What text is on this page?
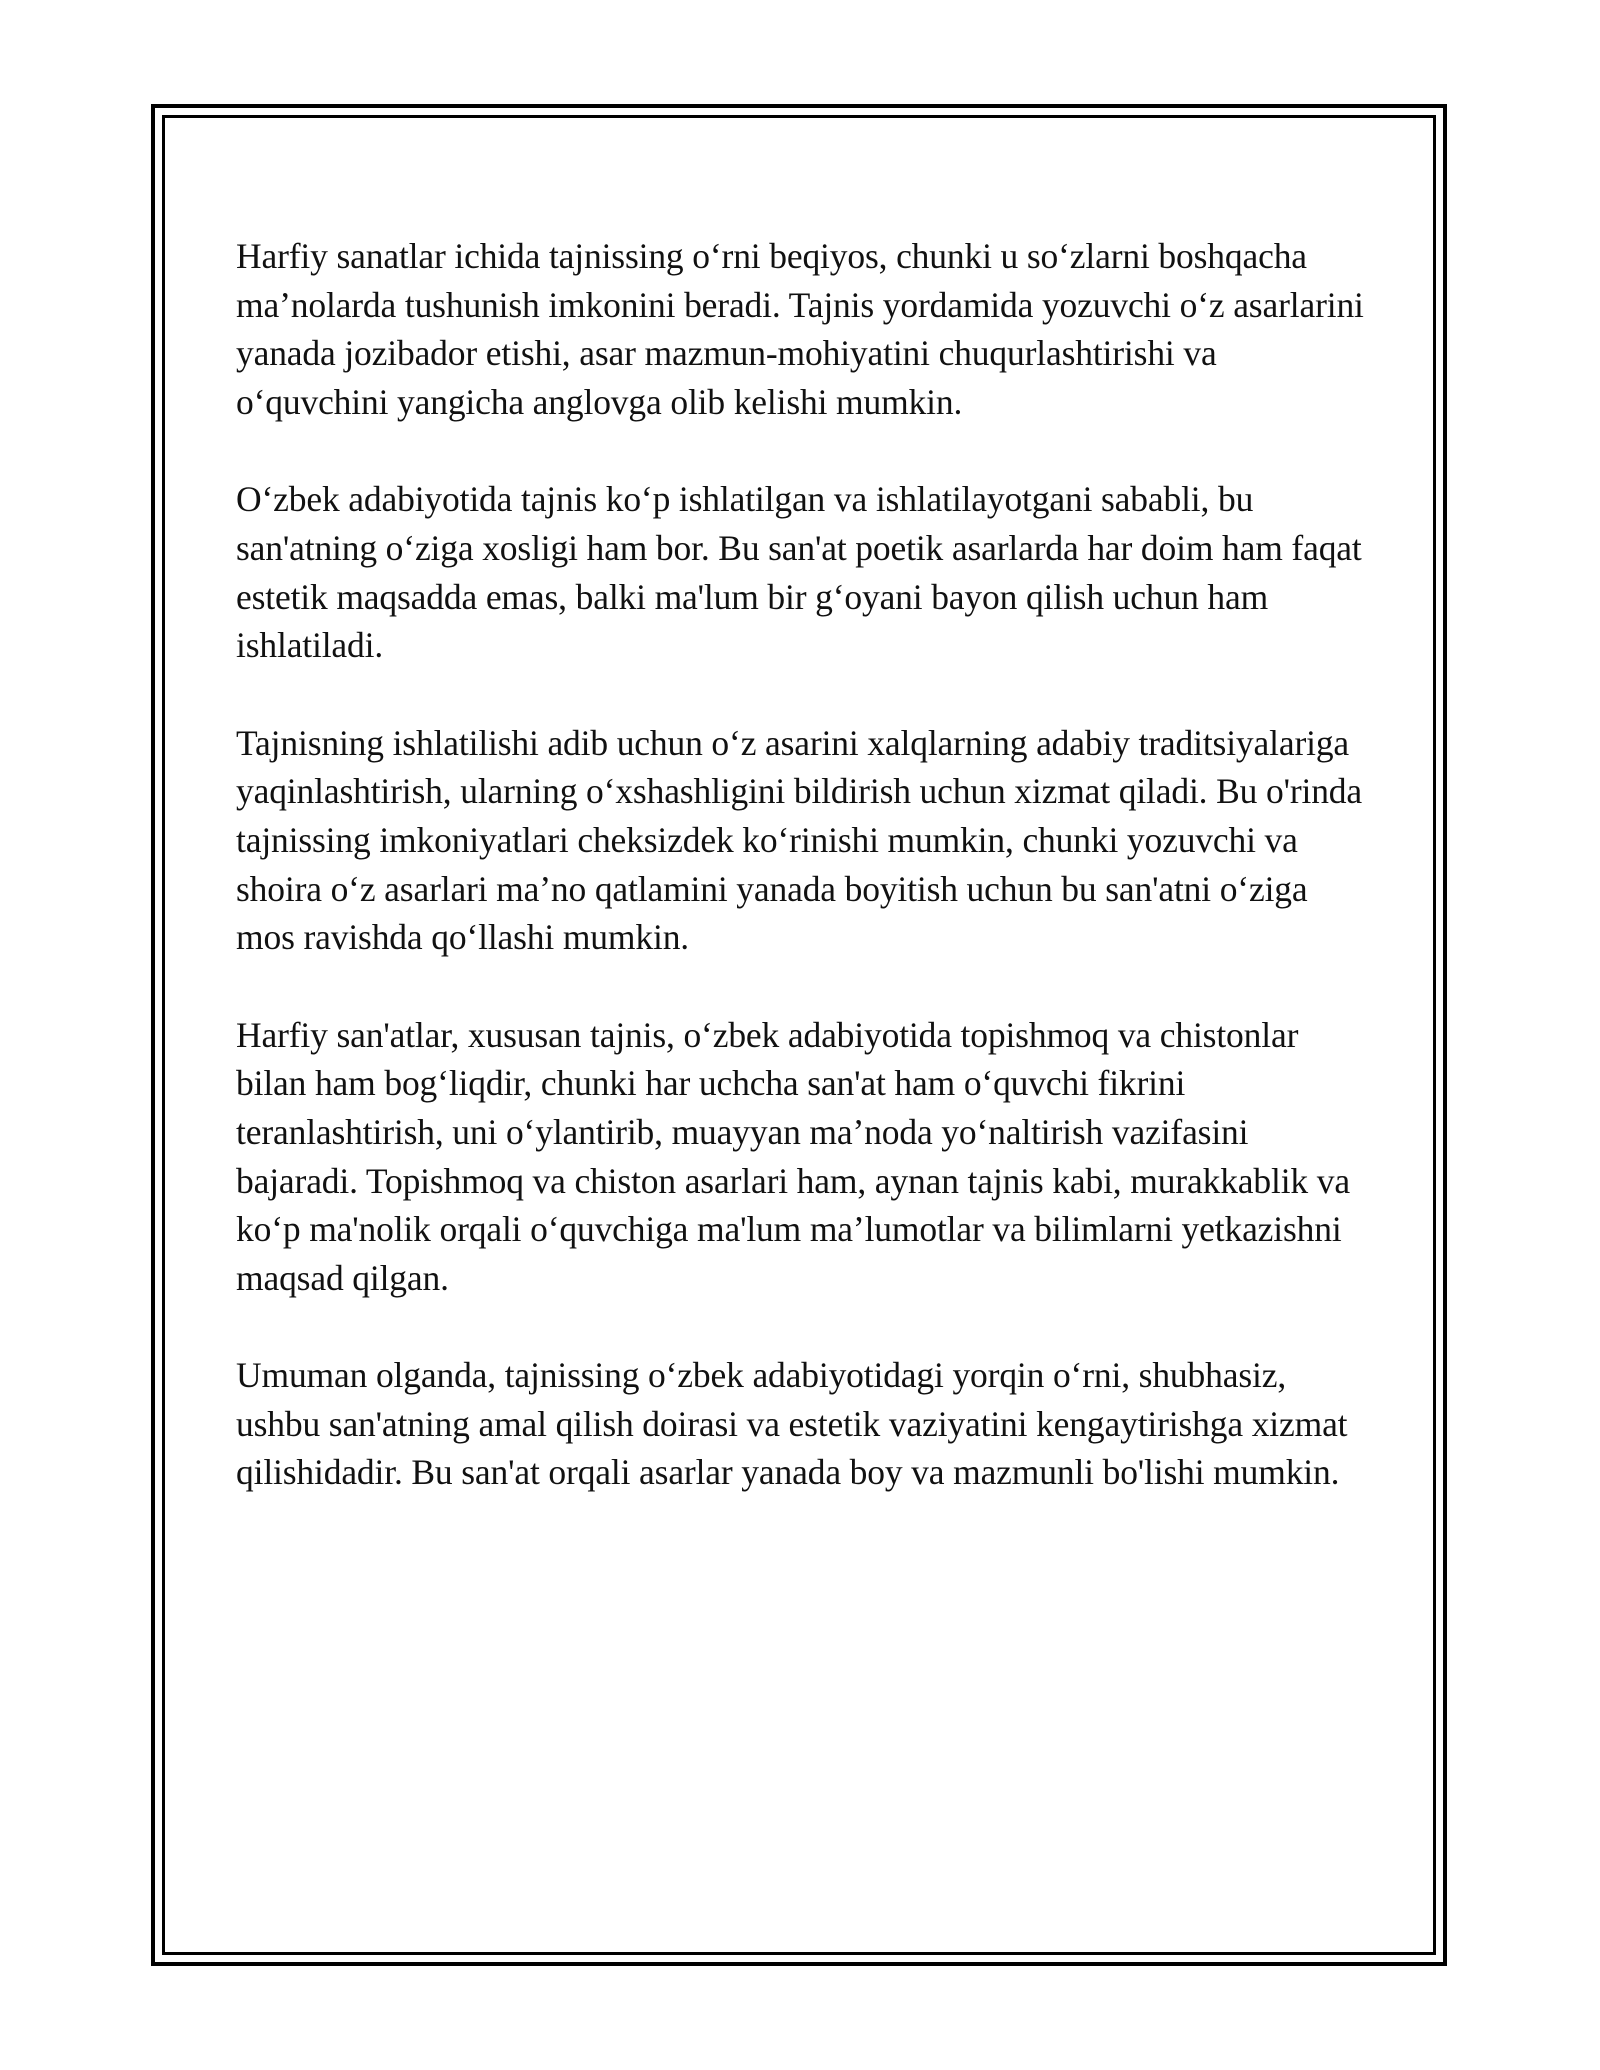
Harfiy sanatlar ichida tajnissing oʻrni beqiyos, chunki u soʻzlarni boshqacha maʼnolarda tushunish imkonini beradi. Tajnis yordamida yozuvchi oʻz asarlarini yanada jozibador etishi, asar mazmun-mohiyatini chuqurlashtirishi va oʻquvchini yangicha anglovga olib kelishi mumkin.

Oʻzbek adabiyotida tajnis koʻp ishlatilgan va ishlatilayotgani sababli, bu san'atning oʻziga xosligi ham bor. Bu san'at poetik asarlarda har doim ham faqat estetik maqsadda emas, balki ma'lum bir gʻoyani bayon qilish uchun ham ishlatiladi.

Tajnisning ishlatilishi adib uchun oʻz asarini xalqlarning adabiy traditsiyalariga yaqinlashtirish, ularning oʻxshashligini bildirish uchun xizmat qiladi. Bu o'rinda tajnissing imkoniyatlari cheksizdek koʻrinishi mumkin, chunki yozuvchi va shoira oʻz asarlari maʼno qatlamini yanada boyitish uchun bu san'atni oʻziga mos ravishda qoʻllashi mumkin.

Harfiy san'atlar, xususan tajnis, oʻzbek adabiyotida topishmoq va chistonlar bilan ham bogʻliqdir, chunki har uchcha san'at ham oʻquvchi fikrini teranlashtirish, uni oʻylantirib, muayyan maʼnoda yoʻnaltirish vazifasini bajaradi. Topishmoq va chiston asarlari ham, aynan tajnis kabi, murakkablik va koʻp ma'nolik orqali oʻquvchiga ma'lum maʼlumotlar va bilimlarni yetkazishni maqsad qilgan.

Umuman olganda, tajnissing oʻzbek adabiyotidagi yorqin oʻrni, shubhasiz, ushbu san'atning amal qilish doirasi va estetik vaziyatini kengaytirishga xizmat qilishidadir. Bu san'at orqali asarlar yanada boy va mazmunli bo'lishi mumkin.
